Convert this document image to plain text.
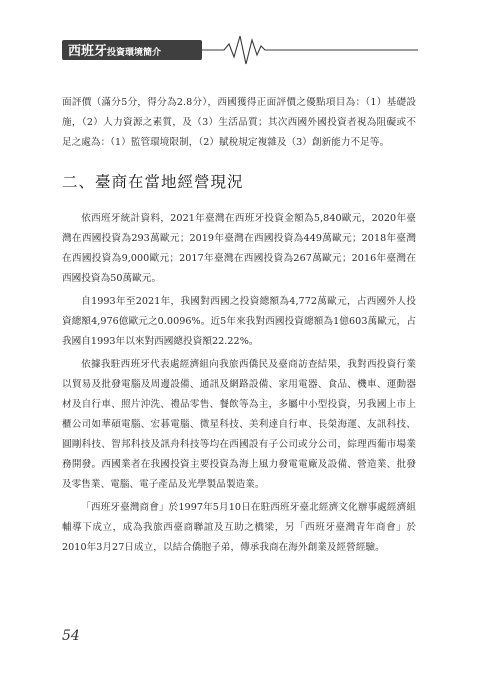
西班牙投資環境簡介

面評價（滿分5分，得分為2.8分），西國獲得正面評價之優點項目為：（1）基礎設施，（2）人力資源之素質，及（3）生活品質；其次西國外國投資者視為阻礙或不足之處為：（1）監管環境限制，（2）賦稅規定複雜及（3）創新能力不足等。

二、臺商在當地經營現況

依西班牙統計資料，2021年臺灣在西班牙投資金額為5,840歐元，2020年臺灣在西國投資為293萬歐元；2019年臺灣在西國投資為449萬歐元；2018年臺灣在西國投資為9,000歐元；2017年臺灣在西國投資為267萬歐元；2016年臺灣在西國投資為50萬歐元。

自1993年至2021年，我國對西國之投資總額為4,772萬歐元，占西國外人投資總額4,976億歐元之0.0096%。近5年來我對西國投資總額為1億603萬歐元，占我國自1993年以來對西國總投資額22.22%。

依據我駐西班牙代表處經濟組向我旅西僑民及臺商訪查結果，我對西投資行業以貿易及批發電腦及周邊設備、通訊及網路設備、家用電器、食品、機車、運動器材及自行車、照片沖洗、禮品零售、餐飲等為主，多屬中小型投資，另我國上市上櫃公司如華碩電腦、宏碁電腦、微星科技、美利達自行車、長榮海運、友訊科技、圓剛科技、智邦科技及訊舟科技等均在西國設有子公司或分公司，綜理西葡市場業務開發。西國業者在我國投資主要投資為海上風力發電電廠及設備、營造業、批發及零售業、電腦、電子產品及光學製品製造業。

「西班牙臺灣商會」於1997年5月10日在駐西班牙臺北經濟文化辦事處經濟組輔導下成立，成為我旅西臺商聯誼及互助之橋梁，另「西班牙臺灣青年商會」於2010年3月27日成立，以結合僑胞子弟，傳承我商在海外創業及經營經驗。

54
